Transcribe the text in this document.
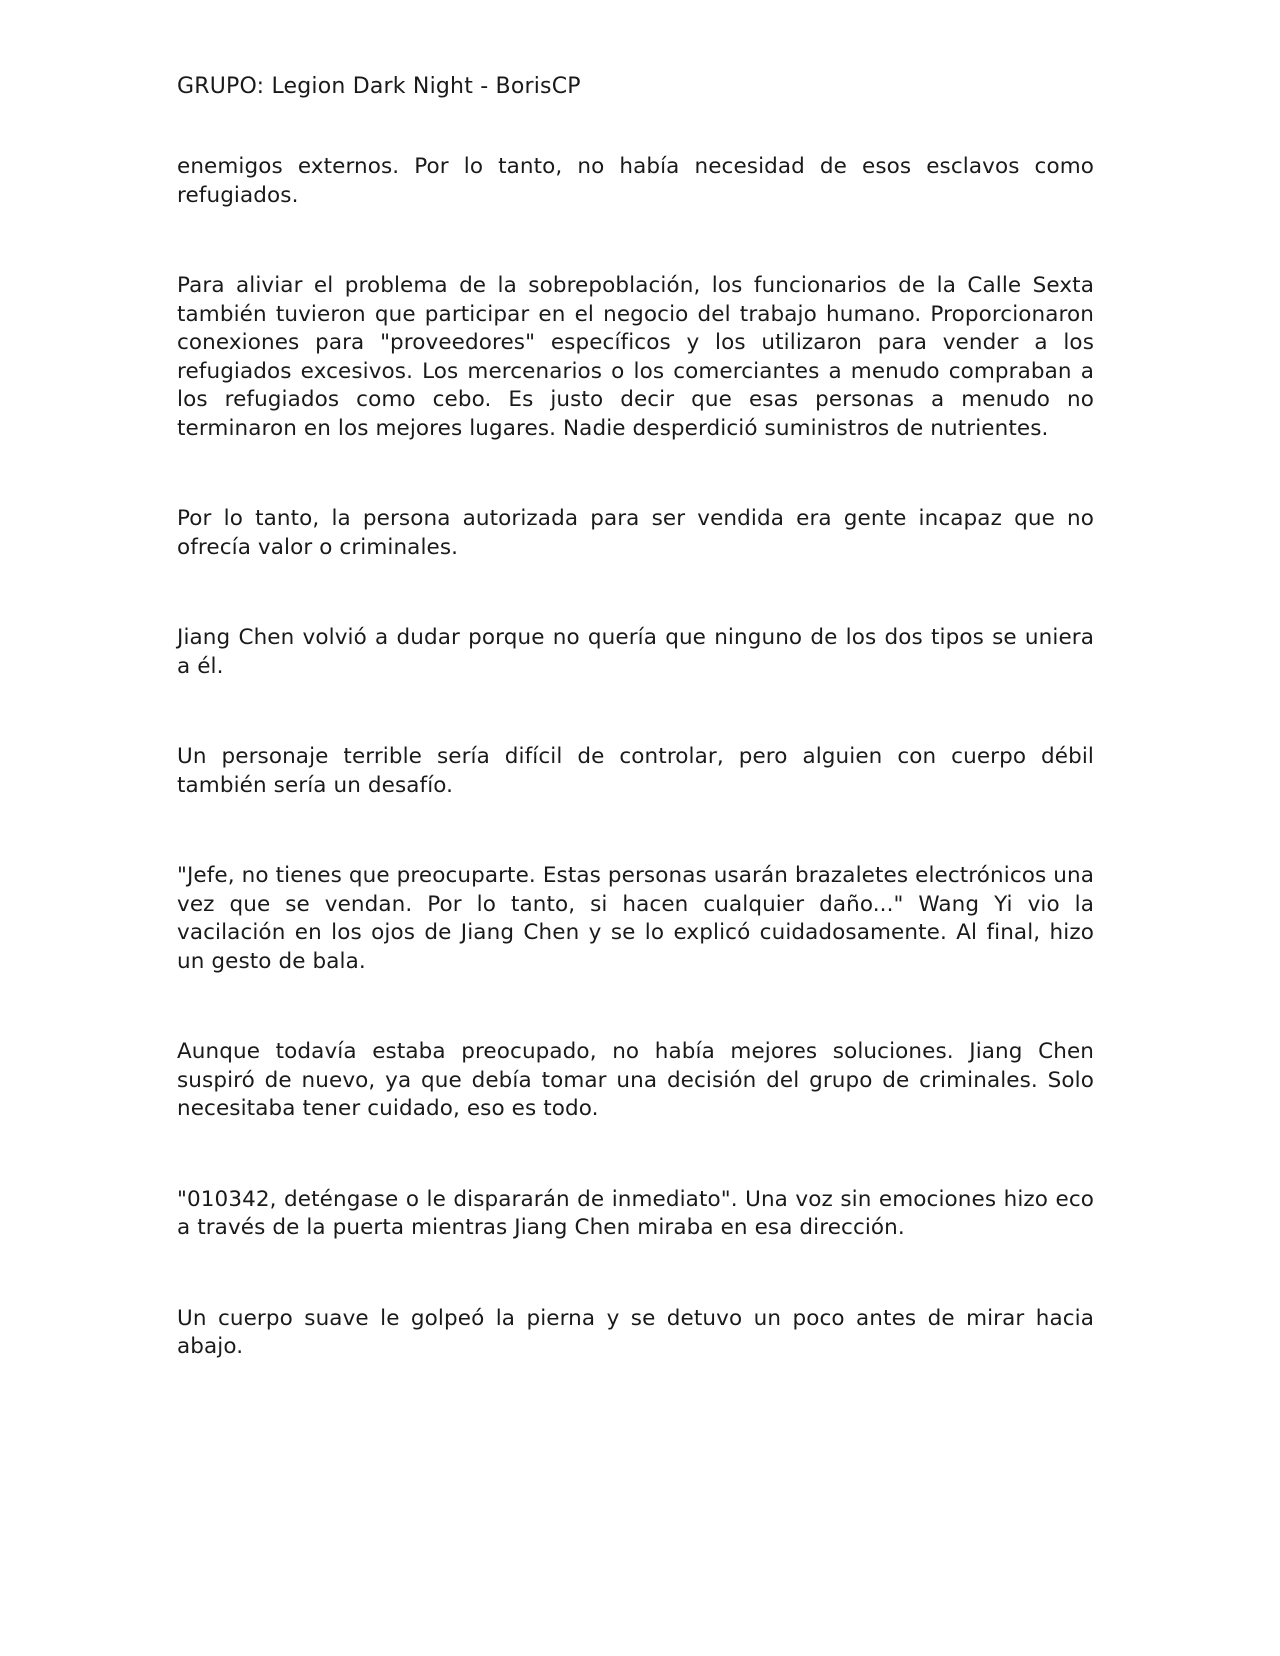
GRUPO: Legion Dark Night - BorisCP

enemigos externos. Por lo tanto, no había necesidad de esos esclavos como refugiados.

Para aliviar el problema de la sobrepoblación, los funcionarios de la Calle Sexta también tuvieron que participar en el negocio del trabajo humano. Proporcionaron conexiones para "proveedores" específicos y los utilizaron para vender a los refugiados excesivos. Los mercenarios o los comerciantes a menudo compraban a los refugiados como cebo. Es justo decir que esas personas a menudo no terminaron en los mejores lugares. Nadie desperdició suministros de nutrientes.

Por lo tanto, la persona autorizada para ser vendida era gente incapaz que no ofrecía valor o criminales.

Jiang Chen volvió a dudar porque no quería que ninguno de los dos tipos se uniera a él.

Un personaje terrible sería difícil de controlar, pero alguien con cuerpo débil también sería un desafío.

"Jefe, no tienes que preocuparte. Estas personas usarán brazaletes electrónicos una vez que se vendan. Por lo tanto, si hacen cualquier daño..." Wang Yi vio la vacilación en los ojos de Jiang Chen y se lo explicó cuidadosamente. Al final, hizo un gesto de bala.

Aunque todavía estaba preocupado, no había mejores soluciones. Jiang Chen suspiró de nuevo, ya que debía tomar una decisión del grupo de criminales. Solo necesitaba tener cuidado, eso es todo.

"010342, deténgase o le dispararán de inmediato". Una voz sin emociones hizo eco a través de la puerta mientras Jiang Chen miraba en esa dirección.

Un cuerpo suave le golpeó la pierna y se detuvo un poco antes de mirar hacia abajo.
